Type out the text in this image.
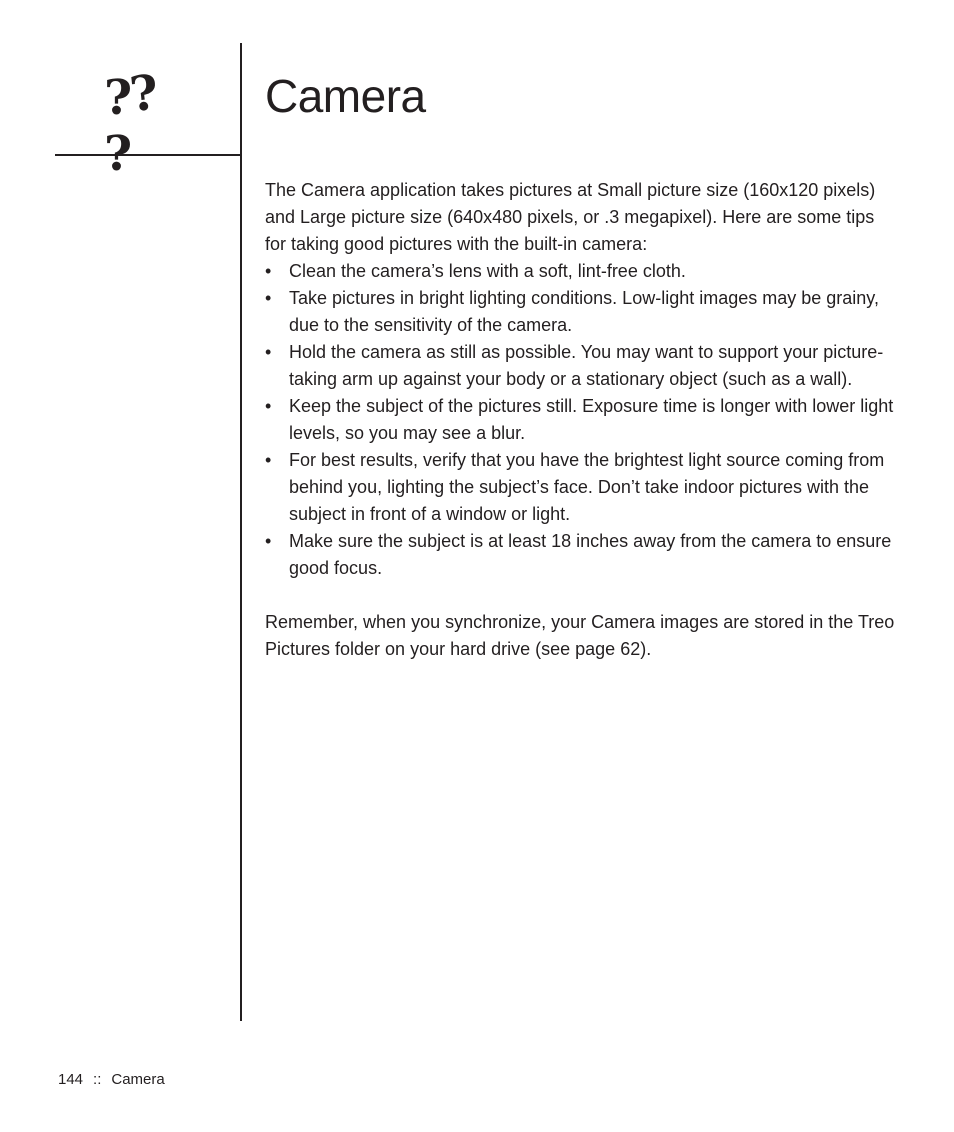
???
Camera

The Camera application takes pictures at Small picture size (160x120 pixels) and Large picture size (640x480 pixels, or .3 megapixel). Here are some tips for taking good pictures with the built-in camera:

• Clean the camera’s lens with a soft, lint-free cloth.
• Take pictures in bright lighting conditions. Low-light images may be grainy, due to the sensitivity of the camera.
• Hold the camera as still as possible. You may want to support your picture-taking arm up against your body or a stationary object (such as a wall).
• Keep the subject of the pictures still. Exposure time is longer with lower light levels, so you may see a blur.
• For best results, verify that you have the brightest light source coming from behind you, lighting the subject’s face. Don’t take indoor pictures with the subject in front of a window or light.
• Make sure the subject is at least 18 inches away from the camera to ensure good focus.

Remember, when you synchronize, your Camera images are stored in the Treo Pictures folder on your hard drive (see page 62).

144 :: Camera
